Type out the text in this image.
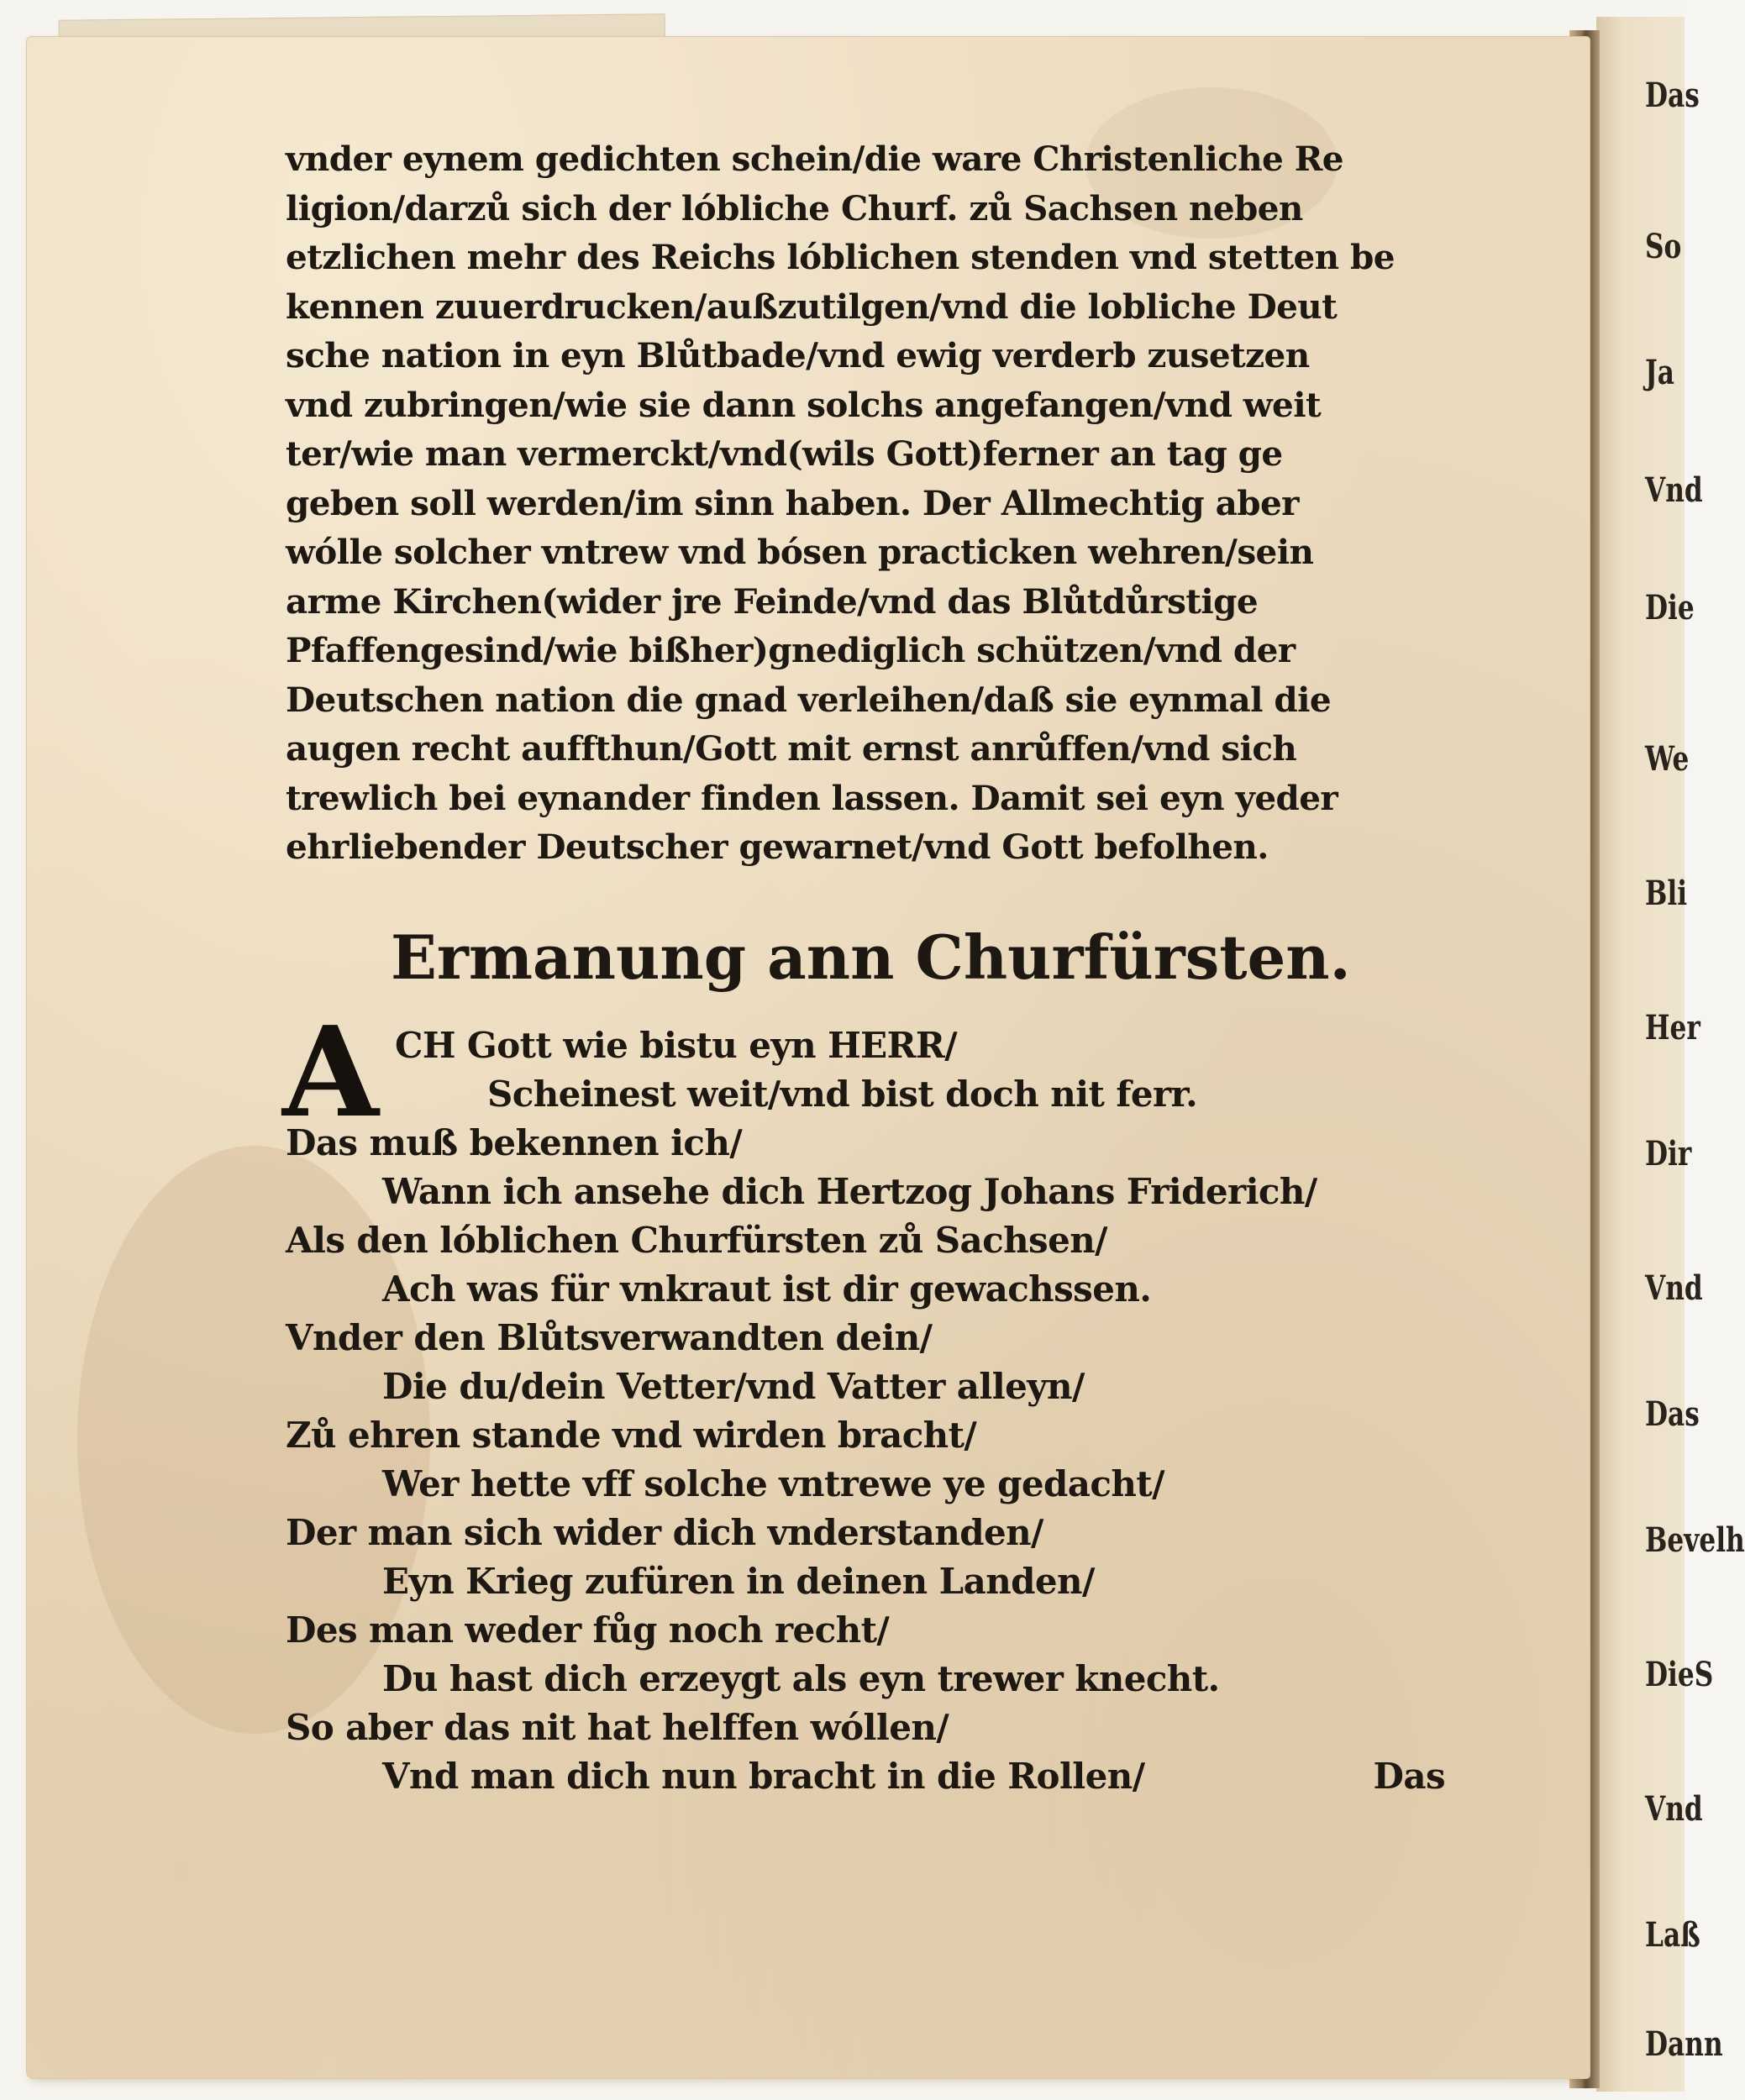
Das
So
Ja
Vnd
Die
We
Bli
Her
Dir
Vnd
Das
Bevelh
DieS
Vnd
Laß
Dann
vnder eynem gedichten schein/die ware Christenliche Re
ligion/darzů sich der lóbliche Churf. zů Sachsen neben
etzlichen mehr des Reichs lóblichen stenden vnd stetten be
kennen zuuerdrucken/außzutilgen/vnd die lobliche Deut
sche nation in eyn Blůtbade/vnd ewig verderb zusetzen
vnd zubringen/wie sie dann solchs angefangen/vnd weit
ter/wie man vermerckt/vnd(wils Gott)ferner an tag ge
geben soll werden/im sinn haben. Der Allmechtig aber
wólle solcher vntrew vnd bósen practicken wehren/sein
arme Kirchen(wider jre Feinde/vnd das Blůtdůrstige
Pfaffengesind/wie bißher)gnediglich schützen/vnd der
Deutschen nation die gnad verleihen/daß sie eynmal die
augen recht auffthun/Gott mit ernst anrůffen/vnd sich
trewlich bei eynander finden lassen. Damit sei eyn yeder
ehrliebender Deutscher gewarnet/vnd Gott befolhen.
Ermanung ann Churfürsten.
A CH Gott wie bistu eyn HERR/
Scheinest weit/vnd bist doch nit ferr.
Das muß bekennen ich/
Wann ich ansehe dich Hertzog Johans Friderich/
Als den lóblichen Churfürsten zů Sachsen/
Ach was für vnkraut ist dir gewachssen.
Vnder den Blůtsverwandten dein/
Die du/dein Vetter/vnd Vatter alleyn/
Zů ehren stande vnd wirden bracht/
Wer hette vff solche vntrewe ye gedacht/
Der man sich wider dich vnderstanden/
Eyn Krieg zufüren in deinen Landen/
Des man weder fůg noch recht/
Du hast dich erzeygt als eyn trewer knecht.
So aber das nit hat helffen wóllen/
Vnd man dich nun bracht in die Rollen/	Das
